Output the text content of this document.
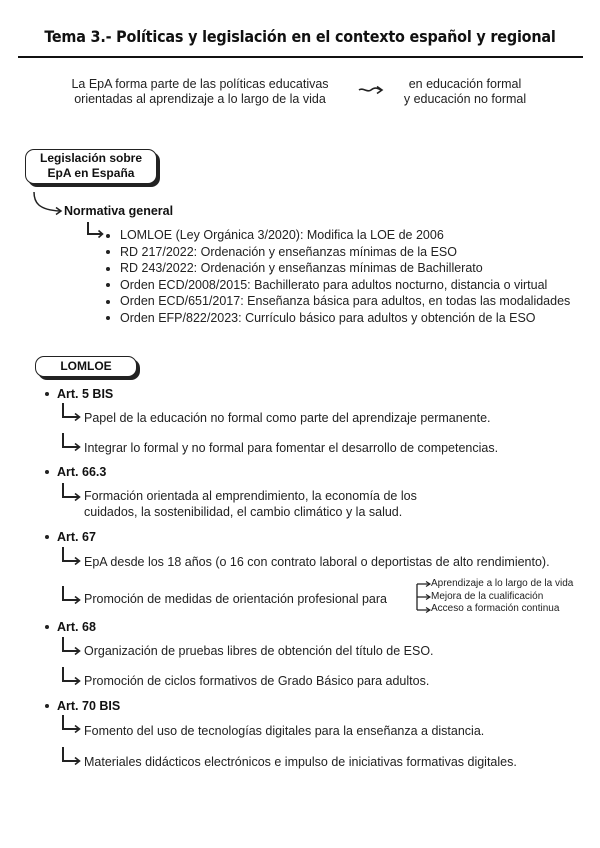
Tema 3.- Políticas y legislación en el contexto español y regional
La EpA forma parte de las políticas educativas
orientadas al aprendizaje a lo largo de la vida
en educación formal
y educación no formal
Legislación sobre
EpA en España
Normativa general
LOMLOE (Ley Orgánica 3/2020): Modifica la LOE de 2006
RD 217/2022: Ordenación y enseñanzas mínimas de la ESO
RD 243/2022: Ordenación y enseñanzas mínimas de Bachillerato
Orden ECD/2008/2015: Bachillerato para adultos nocturno, distancia o virtual
Orden ECD/651/2017: Enseñanza básica para adultos, en todas las modalidades
Orden EFP/822/2023: Currículo básico para adultos y obtención de la ESO
LOMLOE
Art. 5 BIS
Papel de la educación no formal como parte del aprendizaje permanente.
Integrar lo formal y no formal para fomentar el desarrollo de competencias.
Art. 66.3
Formación orientada al emprendimiento, la economía de los
cuidados, la sostenibilidad, el cambio climático y la salud.
Art. 67
EpA desde los 18 años (o 16 con contrato laboral o deportistas de alto rendimiento).
Promoción de medidas de orientación profesional para
Aprendizaje a lo largo de la vida
Mejora de la cualificación
Acceso a formación continua
Art. 68
Organización de pruebas libres de obtención del título de ESO.
Promoción de ciclos formativos de Grado Básico para adultos.
Art. 70 BIS
Fomento del uso de tecnologías digitales para la enseñanza a distancia.
Materiales didácticos electrónicos e impulso de iniciativas formativas digitales.
